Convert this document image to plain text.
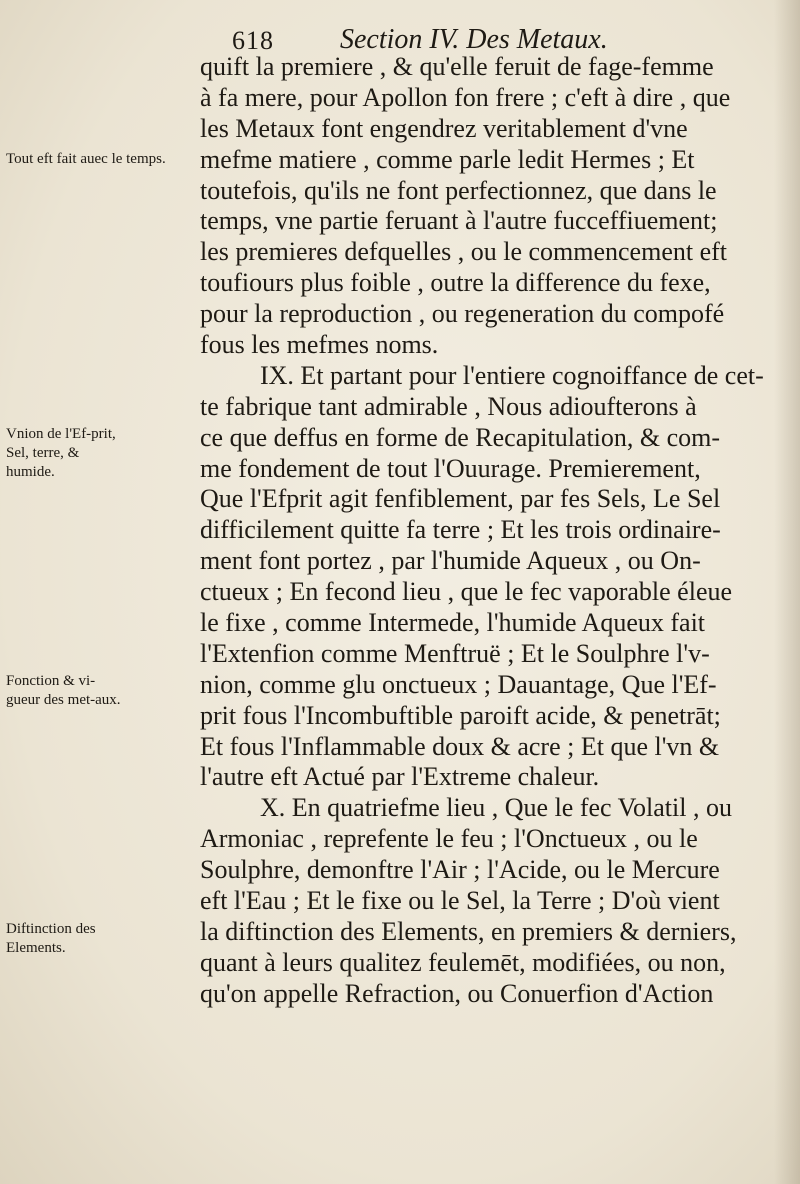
618 Section IV. Des Metaux.
quift la premiere , & qu'elle feruit de fage-femme
à fa mere, pour Apollon fon frere ; c'eft à dire , que
les Metaux font engendrez veritablement d'vne
mefme matiere , comme parle ledit Hermes ; Et
toutefois, qu'ils ne font perfectionnez, que dans le
temps, vne partie feruant à l'autre fucceffiuement;
les premieres defquelles , ou le commencement eft
toufiours plus foible , outre la difference du fexe,
pour la reproduction , ou regeneration du compofé
fous les mefmes noms.
IX. Et partant pour l'entiere cognoiffance de cet-
te fabrique tant admirable , Nous adioufterons à
ce que deffus en forme de Recapitulation, & com-
me fondement de tout l'Ouurage. Premierement,
Que l'Efprit agit fenfiblement, par fes Sels, Le Sel
difficilement quitte fa terre ; Et les trois ordinaire-
ment font portez , par l'humide Aqueux , ou On-
ctueux ; En fecond lieu , que le fec vaporable éleue
le fixe , comme Intermede, l'humide Aqueux fait
l'Extenfion comme Menftruë ; Et le Soulphre l'v-
nion, comme glu onctueux ; Dauantage, Que l'Ef-
prit fous l'Incombuftible paroift acide, & penetrāt;
Et fous l'Inflammable doux & acre ; Et que l'vn &
l'autre eft Actué par l'Extreme chaleur.
X. En quatriefme lieu , Que le fec Volatil , ou
Armoniac , reprefente le feu ; l'Onctueux , ou le
Soulphre, demonftre l'Air ; l'Acide, ou le Mercure
eft l'Eau ; Et le fixe ou le Sel, la Terre ; D'où vient
la diftinction des Elements, en premiers & derniers,
quant à leurs qualitez feulemēt, modifiées, ou non,
qu'on appelle Refraction, ou Conuerfion d'Action
Tout eft fait auec le temps.
Vnion de l'Ef-prit, Sel, terre, & humide.
Fonction & vi-gueur des met-aux.
Diftinction des Elements.
